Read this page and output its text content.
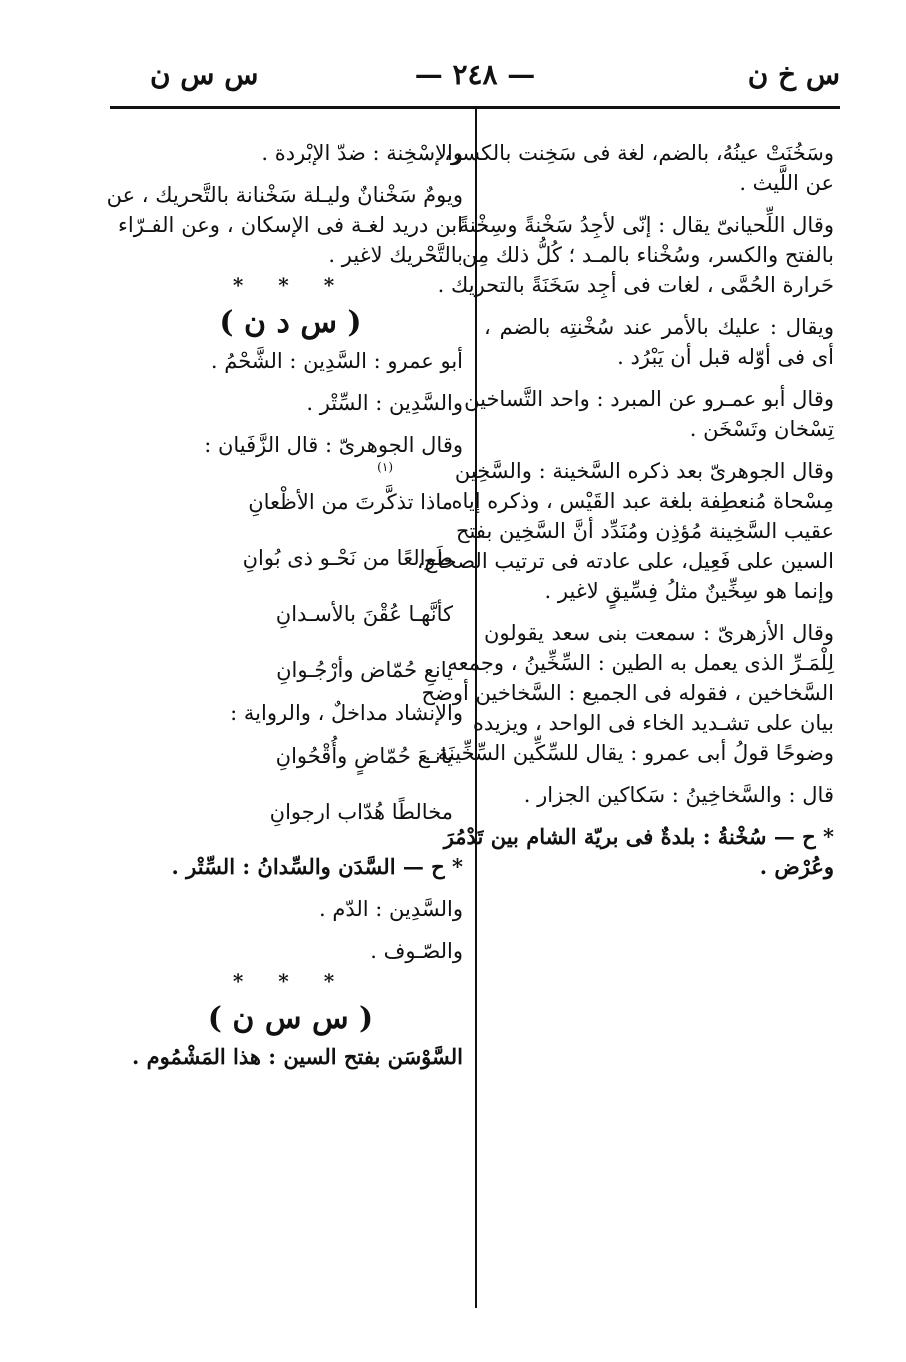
س خ ن
— ٢٤٨ —
س س ن
وسَخُنَتْ عينُهُ، بالضم، لغة فى سَخِنت بالكسر،
عن اللَّيث .
وقال اللِّحيانىّ يقال : إنّى لأجِدُ سَخْنةً وسِخْنةً
بالفتح والكسر، وسُخْناء بالمـد ؛ كُلُّ ذلك مِن
حَرارة الحُمَّى ، لغات فى أجِد سَخَنَةً بالتحريك .
ويقال : عليك بالأمر عند سُخْنتِه بالضم ،
أى فى أوّله قبل أن يَبْرُد .
وقال أبو عمـرو عن المبرد : واحد التَّساخين
تِسْخان وتَسْخَن .
وقال الجوهرىّ بعد ذكره السَّخينة : والسَّخِين
مِسْحاة مُنعطِفة بلغة عبد القَيْس ، وذكره إياه
عقيب السَّخِينة مُؤذِن ومُنَدِّد أنَّ السَّخِين بفتح
السين على فَعِيل، على عادته فى ترتيب الصحاح،
وإنما هو سِخِّينٌ مثلُ فِسِّيقٍ لاغير .
وقال الأزهرىّ : سمعت بنى سعد يقولون
لِلْمَـرِّ الذى يعمل به الطين : السِّخِّينُ ، وجمعه
السَّخاخين ، فقوله فى الجميع : السَّخاخين أوضح
بيان على تشـديد الخاء فى الواحد ، ويزيده
وضوحًا قولُ أبى عمرو : يقال للسِّكِّين السِّخِّينَة .
قال : والسَّخاخِينُ : سَكاكين الجزار .
* ح — سُخْنةُ : بلدةٌ فى بريّة الشام بين تَدْمُرَ
وعُرْض .
والإسْخِنة : ضدّ الإبْردة .
ويومٌ سَخْنانٌ وليـلة سَخْنانة بالتَّحريك ، عن
ابن دريد لغـة فى الإسكان ، وعن الفـرّاء
بالتَّحْريك لاغير .
* * *
( س د ن )
أبو عمرو : السَّدِين : الشَّحْمُ .
والسَّدِين : السِّتْر .
وقال الجوهرىّ : قال الزَّفَيان :
(١)
ماذا تذكَّرتَ من الأظْعانِ
طَوالعًا من نَحْـو ذى بُوانِ
كأنَّهـا عُقْنَ بالأسـدانِ
يانعِ حُمّاض وأرْجُـوانِ
والإنشاد مداخلٌ ، والرواية :
يانـعَ حُمّاضٍ وأُقْحُوانِ
مخالطًا هُدّاب ارجوانِ
* ح — السَّدَن والسِّدانُ : السِّتْر .
والسَّدِين : الدّم .
والصّـوف .
* * *
( س س ن )
السَّوْسَن بفتح السين : هذا المَشْمُوم .
